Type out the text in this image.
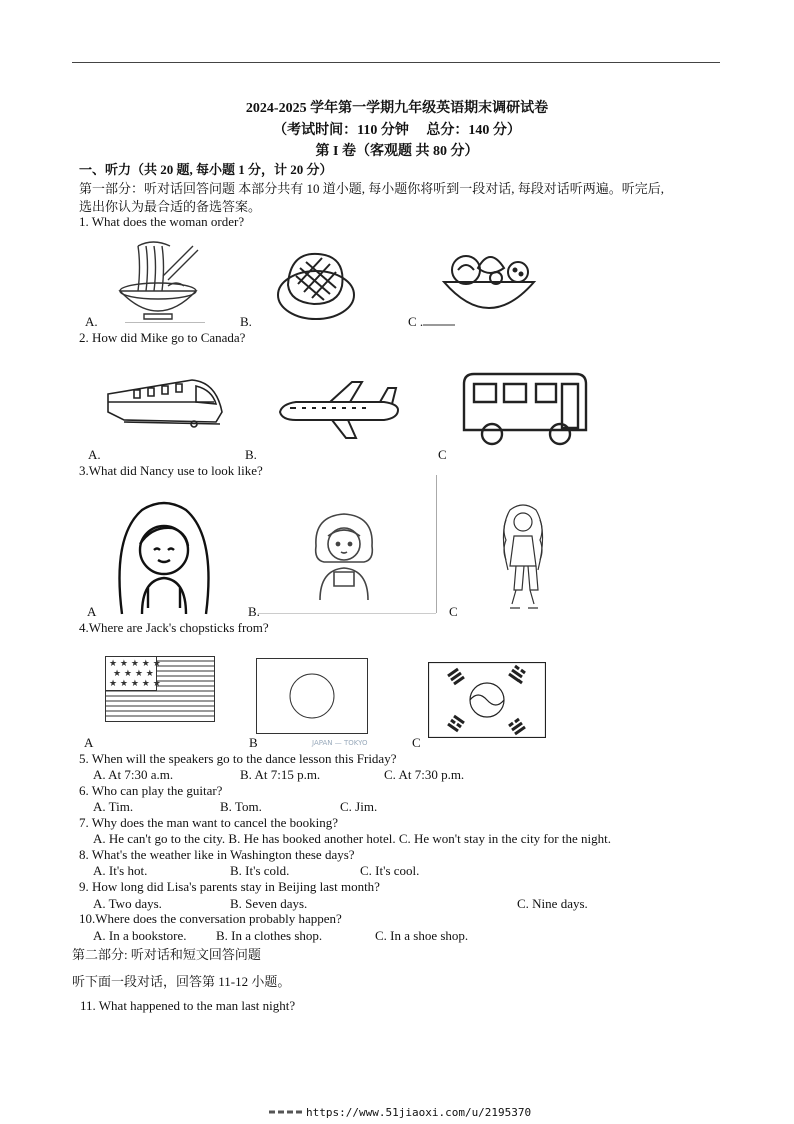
2024-2025 学年第一学期九年级英语期末调研试卷
（考试时间：110 分钟　 总分：140 分）
第 I 卷（客观题 共 80 分）
一、听力（共 20 题, 每小题 1 分，计 20 分）
第一部分：听对话回答问题 本部分共有 10 道小题, 每小题你将听到一段对话, 每段对话听两遍。听完后,
选出你认为最合适的备选答案。
1. What does the woman order?
A.	B.	C .
2. How did Mike go to Canada?
A.	B.	C
3.What did Nancy use to look like?
A	B.	C
4.Where are Jack's chopsticks from?
★ ★ ★ ★ ★
★ ★ ★ ★
★ ★ ★ ★ ★
JAPAN — TOKYO
A	B	C
5. When will the speakers go to the dance lesson this Friday?
A. At 7:30 a.m.	B. At 7:15 p.m.	C. At 7:30 p.m.
6. Who can play the guitar?
A. Tim.	B. Tom.	C. Jim.
7. Why does the man want to cancel the booking?
A. He can't go to the city. B. He has booked another hotel. C. He won't stay in the city for the night.
8. What's the weather like in Washington these days?
A. It's hot.	B. It's cold.	C. It's cool.
9. How long did Lisa's parents stay in Beijing last month?
A. Two days.	B. Seven days.	C. Nine days.
10.Where does the conversation probably happen?
A. In a bookstore. B. In a clothes shop.	C. In a shoe shop.
第二部分: 听对话和短文回答问题
听下面一段对话，回答第 11-12 小题。
11. What happened to the man last night?
https://www.51jiaoxi.com/u/2195370
